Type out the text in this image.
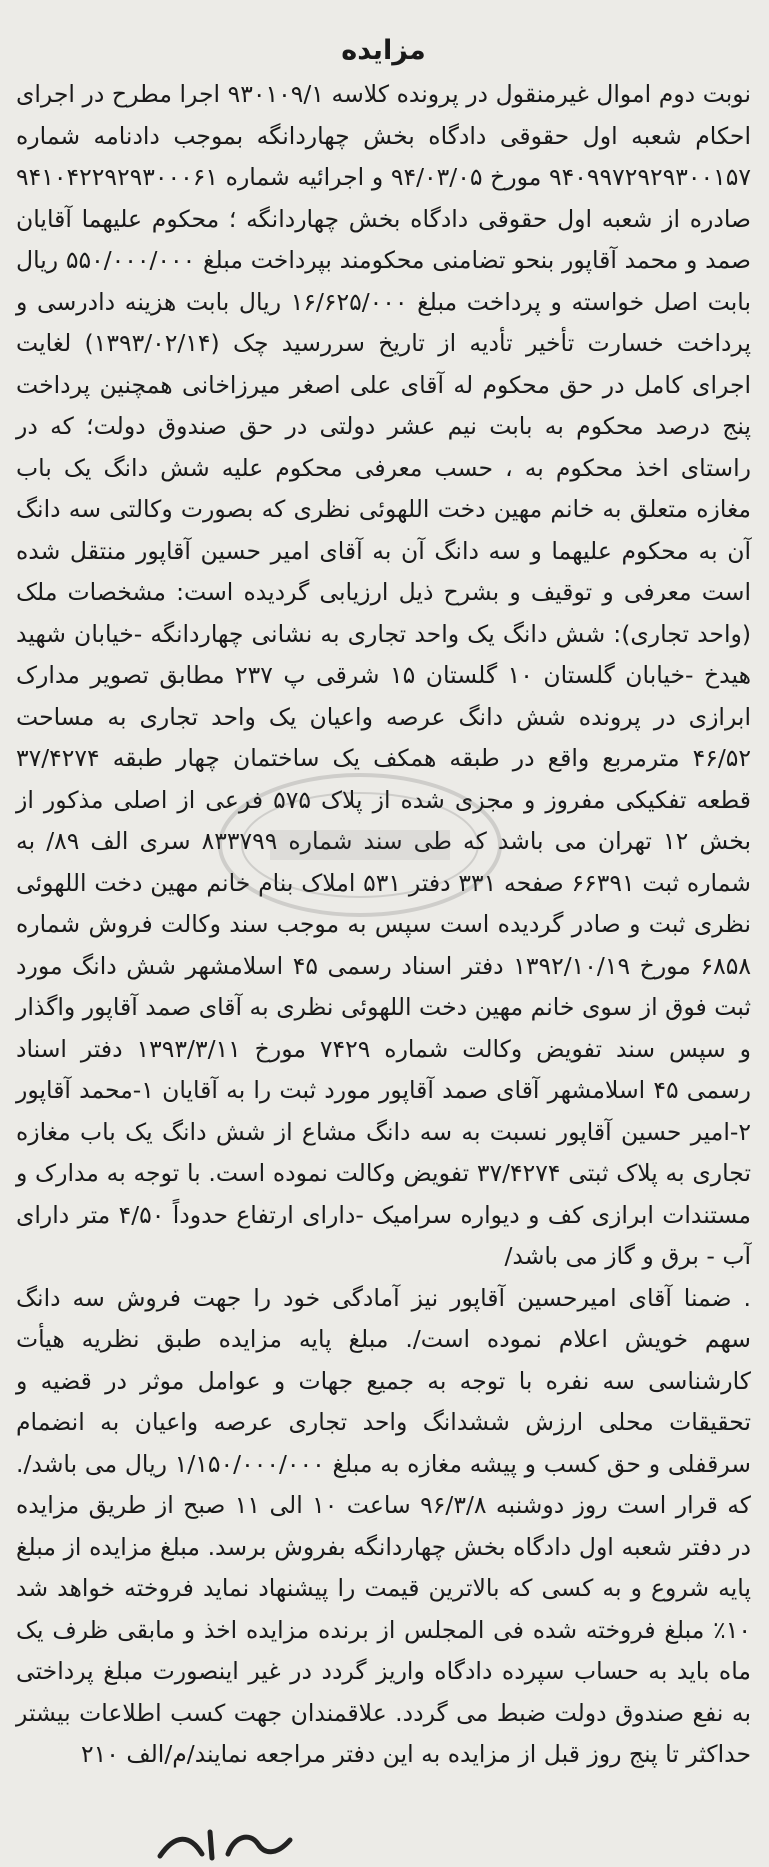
مزایده

نوبت دوم اموال غیرمنقول در پرونده کلاسه ۹۳۰۱۰۹/۱ اجرا مطرح در اجرای احکام شعبه اول حقوقی دادگاه بخش چهاردانگه بموجب دادنامه شماره ۹۴۰۹۹۷۲۹۲۹۳۰۰۱۵۷ مورخ ۹۴/۰۳/۰۵ و اجرائیه شماره ۹۴۱۰۴۲۲۹۲۹۳۰۰۰۶۱ صادره از شعبه اول حقوقی دادگاه بخش چهاردانگه ؛ محکوم علیهما آقایان صمد و محمد آقاپور بنحو تضامنی محکومند بپرداخت مبلغ ۵۵۰/۰۰۰/۰۰۰ ریال بابت اصل خواسته و پرداخت مبلغ ۱۶/۶۲۵/۰۰۰ ریال بابت هزینه دادرسی و پرداخت خسارت تأخیر تأدیه از تاریخ سررسید چک (۱۳۹۳/۰۲/۱۴) لغایت اجرای کامل در حق محکوم له آقای علی اصغر میرزاخانی همچنین پرداخت پنج درصد محکوم به بابت نیم عشر دولتی در حق صندوق دولت؛ که در راستای اخذ محکوم به ، حسب معرفی محکوم علیه شش دانگ یک باب مغازه متعلق به خانم مهین دخت اللهوئی نظری که بصورت وکالتی سه دانگ آن به محکوم علیهما و سه دانگ آن به آقای امیر حسین آقاپور منتقل شده است معرفی و توقیف و بشرح ذیل ارزیابی گردیده است: مشخصات ملک (واحد تجاری): شش دانگ یک واحد تجاری به نشانی چهاردانگه -خیابان شهید هیدخ -خیابان گلستان ۱۰ گلستان ۱۵ شرقی پ ۲۳۷ مطابق تصویر مدارک ابرازی در پرونده شش دانگ عرصه واعیان یک واحد تجاری به مساحت ۴۶/۵۲ مترمربع واقع در طبقه همکف یک ساختمان چهار طبقه ۳۷/۴۲۷۴ قطعه تفکیکی مفروز و مجزی شده از پلاک ۵۷۵ فرعی از اصلی مذکور از بخش ۱۲ تهران می باشد که طی سند شماره ۸۳۳۷۹۹ سری الف ۸۹/ به شماره ثبت ۶۶۳۹۱ صفحه ۳۳۱ دفتر ۵۳۱ املاک بنام خانم مهین دخت اللهوئی نظری ثبت و صادر گردیده است سپس به موجب سند وکالت فروش شماره ۶۸۵۸ مورخ ۱۳۹۲/۱۰/۱۹ دفتر اسناد رسمی ۴۵ اسلامشهر شش دانگ مورد ثبت فوق از سوی خانم مهین دخت اللهوئی نظری به آقای صمد آقاپور واگذار و سپس سند تفویض وکالت شماره ۷۴۲۹ مورخ ۱۳۹۳/۳/۱۱ دفتر اسناد رسمی ۴۵ اسلامشهر آقای صمد آقاپور مورد ثبت را به آقایان ۱-محمد آقاپور ۲-امیر حسین آقاپور نسبت به سه دانگ مشاع از شش دانگ یک باب مغازه تجاری به پلاک ثبتی ۳۷/۴۲۷۴ تفویض وکالت نموده است. با توجه به مدارک و مستندات ابرازی کف و دیواره سرامیک -دارای ارتفاع حدوداً ۴/۵۰ متر دارای آب - برق و گاز می باشد/

. ضمنا آقای امیرحسین آقاپور نیز آمادگی خود را جهت فروش سه دانگ سهم خویش اعلام نموده است/. مبلغ پایه مزایده طبق نظریه هیأت کارشناسی سه نفره با توجه به جمیع جهات و عوامل موثر در قضیه و تحقیقات محلی ارزش ششدانگ واحد تجاری عرصه واعیان به انضمام سرقفلی و حق کسب و پیشه مغازه به مبلغ ۱/۱۵۰/۰۰۰/۰۰۰ ریال می باشد/. که قرار است روز دوشنبه ۹۶/۳/۸ ساعت ۱۰ الی ۱۱ صبح از طریق مزایده در دفتر شعبه اول دادگاه بخش چهاردانگه بفروش برسد. مبلغ مزایده از مبلغ پایه شروع و به کسی که بالاترین قیمت را پیشنهاد نماید فروخته خواهد شد ۱۰٪ مبلغ فروخته شده فی المجلس از برنده مزایده اخذ و مابقی ظرف یک ماه باید به حساب سپرده دادگاه واریز گردد در غیر اینصورت مبلغ پرداختی به نفع صندوق دولت ضبط می گردد. علاقمندان جهت کسب اطلاعات بیشتر حداکثر تا پنج روز قبل از مزایده به این دفتر مراجعه نمایند/م/الف ۲۱۰
